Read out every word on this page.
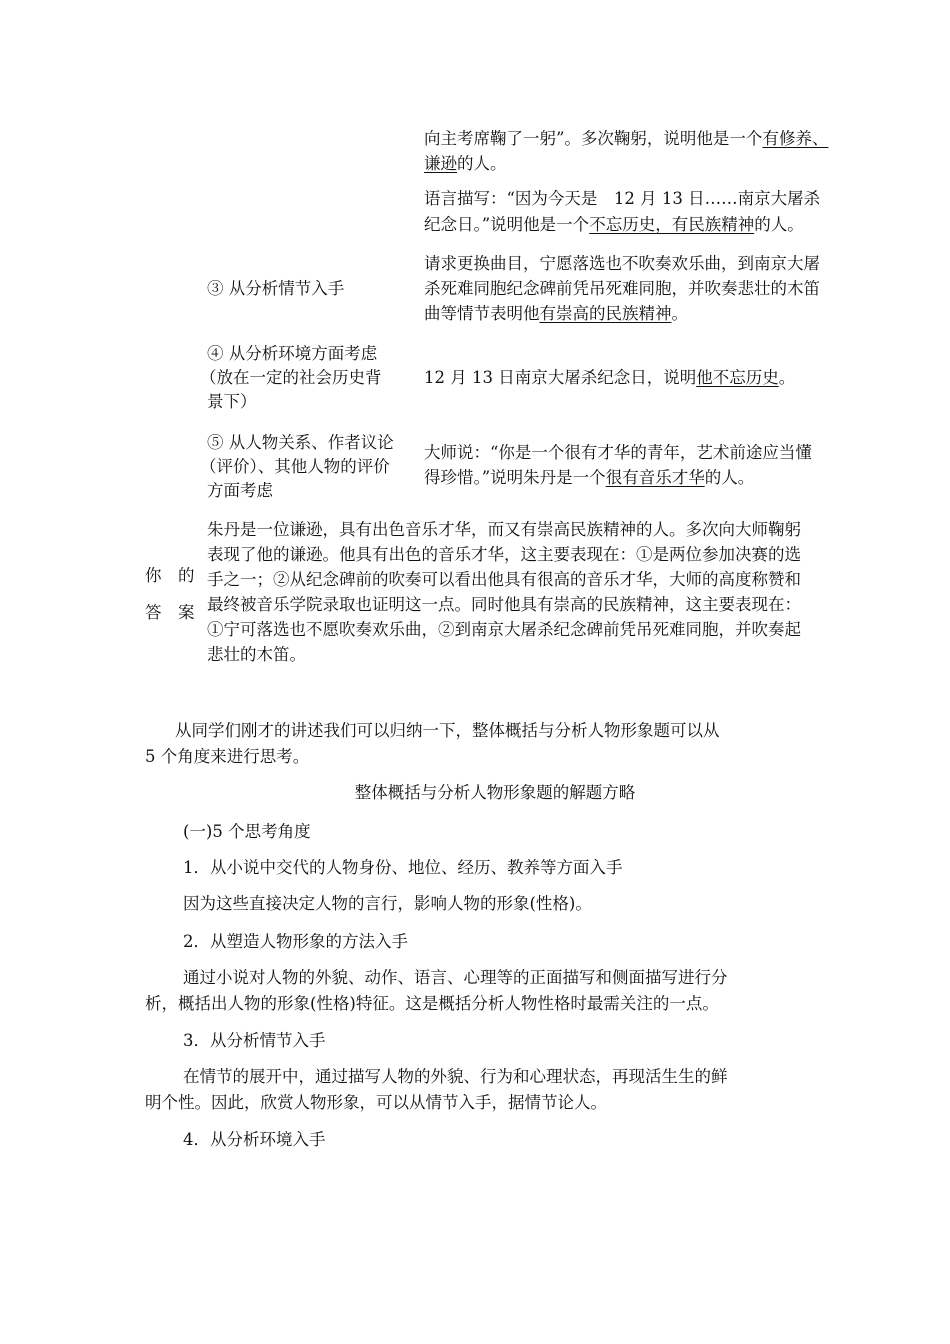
向主考席鞠了一躬”。多次鞠躬，说明他是一个有修养、
谦逊的人。
语言描写：“因为今天是　12 月 13 日……南京大屠杀
纪念日。”说明他是一个不忘历史，有民族精神的人。
③ 从分析情节入手
请求更换曲目，宁愿落选也不吹奏欢乐曲，到南京大屠
杀死难同胞纪念碑前凭吊死难同胞，并吹奏悲壮的木笛
曲等情节表明他有崇高的民族精神。
④ 从分析环境方面考虑
（放在一定的社会历史背
景下）
12 月 13 日南京大屠杀纪念日，说明他不忘历史。
⑤ 从人物关系、作者议论
（评价）、其他人物的评价
方面考虑
大师说：“你是一个很有才华的青年，艺术前途应当懂
得珍惜。”说明朱丹是一个很有音乐才华的人。
你　的
答　案
朱丹是一位谦逊，具有出色音乐才华，而又有崇高民族精神的人。多次向大师鞠躬
表现了他的谦逊。他具有出色的音乐才华，这主要表现在：①是两位参加决赛的选
手之一；②从纪念碑前的吹奏可以看出他具有很高的音乐才华，大师的高度称赞和
最终被音乐学院录取也证明这一点。同时他具有崇高的民族精神，这主要表现在：
①宁可落选也不愿吹奏欢乐曲，②到南京大屠杀纪念碑前凭吊死难同胞，并吹奏起
悲壮的木笛。
从同学们刚才的讲述我们可以归纳一下，整体概括与分析人物形象题可以从
5 个角度来进行思考。
整体概括与分析人物形象题的解题方略
(一)5 个思考角度
1．从小说中交代的人物身份、地位、经历、教养等方面入手
因为这些直接决定人物的言行，影响人物的形象(性格)。
2．从塑造人物形象的方法入手
通过小说对人物的外貌、动作、语言、心理等的正面描写和侧面描写进行分
析，概括出人物的形象(性格)特征。这是概括分析人物性格时最需关注的一点。
3．从分析情节入手
在情节的展开中，通过描写人物的外貌、行为和心理状态，再现活生生的鲜
明个性。因此，欣赏人物形象，可以从情节入手，据情节论人。
4．从分析环境入手
